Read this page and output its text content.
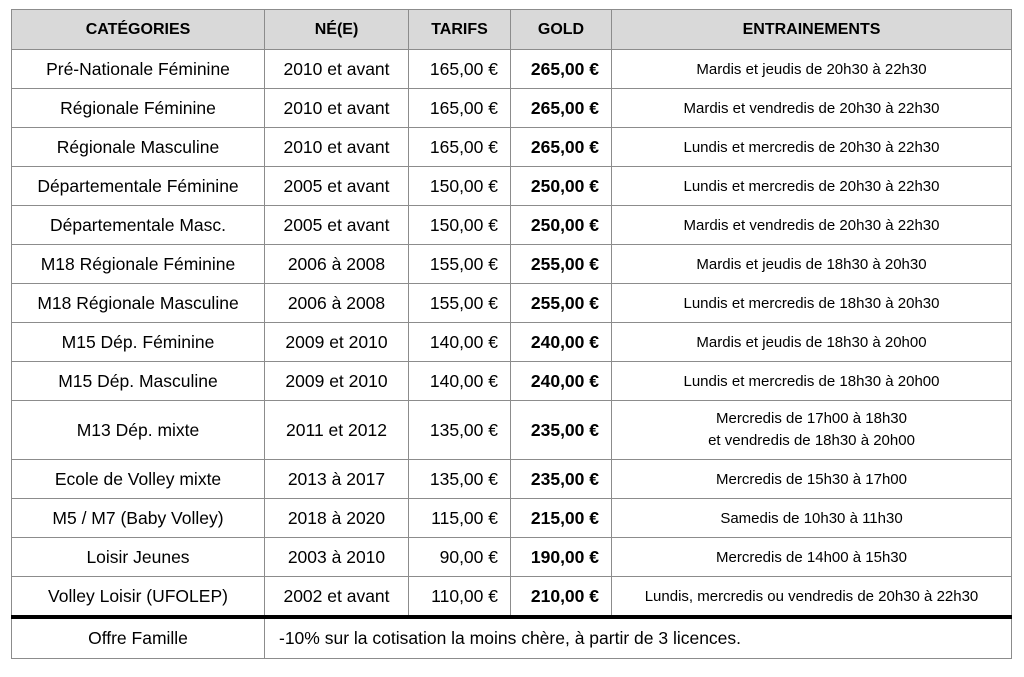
CATÉGORIES	NÉ(E)	TARIFS	GOLD	ENTRAINEMENTS
Pré-Nationale Féminine	2010 et avant	165,00 €	265,00 €	Mardis et jeudis de 20h30 à 22h30

Régionale Féminine	2010 et avant	165,00 €	265,00 €	Mardis et vendredis de 20h30 à 22h30

Régionale Masculine	2010 et avant	165,00 €	265,00 €	Lundis et mercredis de 20h30 à 22h30

Départementale Féminine	2005 et avant	150,00 €	250,00 €	Lundis et mercredis de 20h30 à 22h30

Départementale Masc.	2005 et avant	150,00 €	250,00 €	Mardis et vendredis de 20h30 à 22h30

M18 Régionale Féminine	2006 à 2008	155,00 €	255,00 €	Mardis et jeudis de 18h30 à 20h30

M18 Régionale Masculine	2006 à 2008	155,00 €	255,00 €	Lundis et mercredis de 18h30 à 20h30

M15 Dép. Féminine	2009 et 2010	140,00 €	240,00 €	Mardis et jeudis de 18h30 à 20h00

M15 Dép. Masculine	2009 et 2010	140,00 €	240,00 €	Lundis et mercredis de 18h30 à 20h00

M13 Dép. mixte	2011 et 2012	135,00 €	235,00 €	Mercredis de 17h00 à 18h30
et vendredis de 18h30 à 20h00

Ecole de Volley mixte	2013 à 2017	135,00 €	235,00 €	Mercredis de 15h30 à 17h00

M5 / M7 (Baby Volley)	2018 à 2020	115,00 €	215,00 €	Samedis de 10h30 à 11h30

Loisir Jeunes	2003 à 2010	90,00 €	190,00 €	Mercredis de 14h00 à 15h30

Volley Loisir (UFOLEP)	2002 et avant	110,00 €	210,00 €	Lundis, mercredis ou vendredis de 20h30 à 22h30

Offre Famille	-10% sur la cotisation la moins chère, à partir de 3 licences.			
